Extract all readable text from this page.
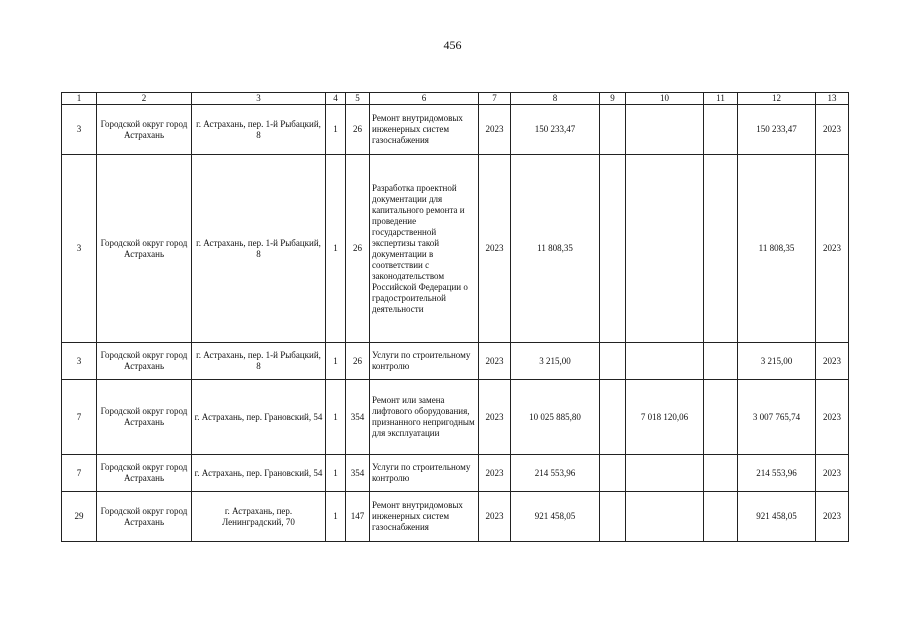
456
1	2	3	4	5	6	7	8	9	10	11	12	13
3	Городской округ город Астрахань	г. Астрахань, пер. 1-й Рыбацкий, 8	1	26	Ремонт внутридомовых инженерных систем газоснабжения	2023	150 233,47				150 233,47	2023
3	Городской округ город Астрахань	г. Астрахань, пер. 1-й Рыбацкий, 8	1	26	Разработка проектной документации для капитального ремонта и проведение государственной экспертизы такой документации в соответствии с законодательством Российской Федерации о градостроительной деятельности	2023	11 808,35				11 808,35	2023
3	Городской округ город Астрахань	г. Астрахань, пер. 1-й Рыбацкий, 8	1	26	Услуги по строительному контролю	2023	3 215,00				3 215,00	2023
7	Городской округ город Астрахань	г. Астрахань, пер. Грановский, 54	1	354	Ремонт или замена лифтового оборудования, признанного непригодным для эксплуатации	2023	10 025 885,80		7 018 120,06		3 007 765,74	2023
7	Городской округ город Астрахань	г. Астрахань, пер. Грановский, 54	1	354	Услуги по строительному контролю	2023	214 553,96				214 553,96	2023
29	Городской округ город Астрахань	г. Астрахань, пер. Ленинградский, 70	1	147	Ремонт внутридомовых инженерных систем газоснабжения	2023	921 458,05				921 458,05	2023
